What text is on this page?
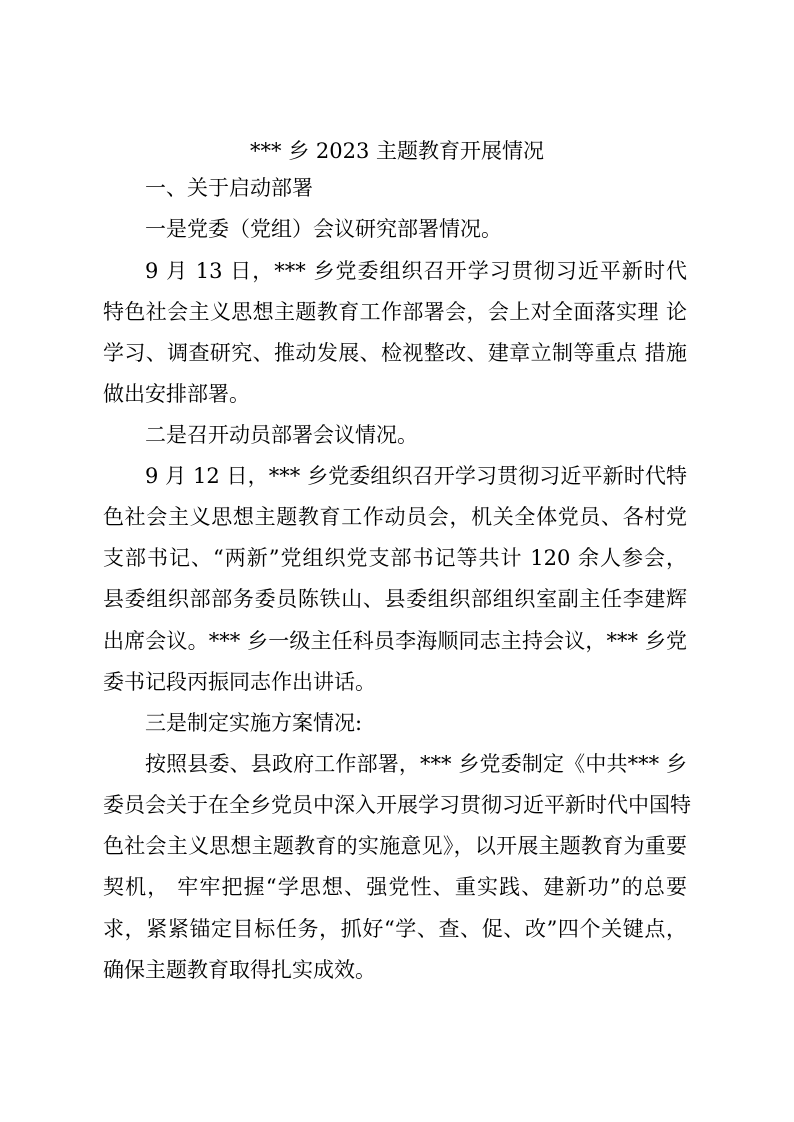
*** 乡 2023 主题教育开展情况
一、关于启动部署
一是党委（党组）会议研究部署情况。
9 月 13 日，*** 乡党委组织召开学习贯彻习近平新时代
特色社会主义思想主题教育工作部署会，会上对全面落实理 论
学习、调查研究、推动发展、检视整改、建章立制等重点 措施
做出安排部署。
二是召开动员部署会议情况。
9 月 12 日，*** 乡党委组织召开学习贯彻习近平新时代特
色社会主义思想主题教育工作动员会，机关全体党员、各村党
支部书记、“两新”党组织党支部书记等共计 120 余人参会，
县委组织部部务委员陈铁山、县委组织部组织室副主任李建辉
出席会议。*** 乡一级主任科员李海顺同志主持会议，*** 乡党
委书记段丙振同志作出讲话。
三是制定实施方案情况:
按照县委、县政府工作部署，*** 乡党委制定《中共*** 乡
委员会关于在全乡党员中深入开展学习贯彻习近平新时代中国特
色社会主义思想主题教育的实施意见》，以开展主题教育为重要
契机， 牢牢把握“学思想、强党性、重实践、建新功”的总要
求，紧紧锚定目标任务，抓好“学、查、促、改”四个关键点，
确保主题教育取得扎实成效。
